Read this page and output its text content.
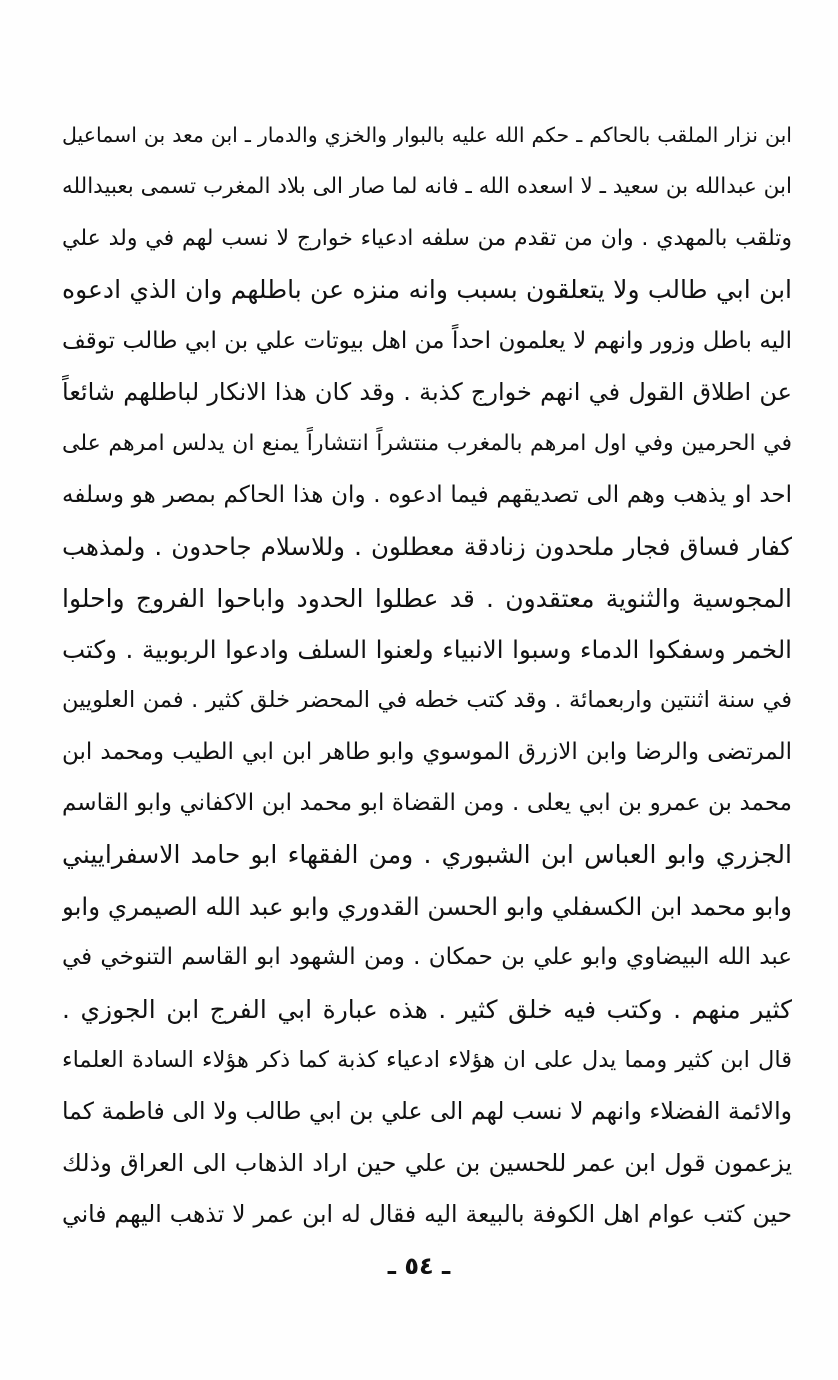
ابن نزار الملقب بالحاكم ـ حكم الله عليه بالبوار والخزي والدمار ـ ابن معد بن اسماعيل
ابن عبدالله بن سعيد ـ لا اسعده الله ـ فانه لما صار الى بلاد المغرب تسمى بعبيدالله
وتلقب بالمهدي . وان من تقدم من سلفه ادعياء خوارج لا نسب لهم في ولد علي
ابن ابي طالب ولا يتعلقون بسبب وانه منزه عن باطلهم وان الذي ادعوه
اليه باطل وزور وانهم لا يعلمون احداً من اهل بيوتات علي بن ابي طالب توقف
عن اطلاق القول في انهم خوارج كذبة . وقد كان هذا الانكار لباطلهم شائعاً
في الحرمين وفي اول امرهم بالمغرب منتشراً انتشاراً يمنع ان يدلس امرهم على
احد او يذهب وهم الى تصديقهم فيما ادعوه . وان هذا الحاكم بمصر هو وسلفه
كفار فساق فجار ملحدون زنادقة معطلون . وللاسلام جاحدون . ولمذهب
المجوسية والثنوية معتقدون . قد عطلوا الحدود واباحوا الفروج واحلوا
الخمر وسفكوا الدماء وسبوا الانبياء ولعنوا السلف وادعوا الربوبية . وكتب
في سنة اثنتين واربعمائة . وقد كتب خطه في المحضر خلق كثير . فمن العلويين
المرتضى والرضا وابن الازرق الموسوي وابو طاهر ابن ابي الطيب ومحمد ابن
محمد بن عمرو بن ابي يعلى . ومن القضاة ابو محمد ابن الاكفاني وابو القاسم
الجزري وابو العباس ابن الشبوري . ومن الفقهاء ابو حامد الاسفراييني
وابو محمد ابن الكسفلي وابو الحسن القدوري وابو عبد الله الصيمري وابو
عبد الله البيضاوي وابو علي بن حمكان . ومن الشهود ابو القاسم التنوخي في
كثير منهم . وكتب فيه خلق كثير . هذه عبارة ابي الفرج ابن الجوزي .
قال ابن كثير ومما يدل على ان هؤلاء ادعياء كذبة كما ذكر هؤلاء السادة العلماء
والائمة الفضلاء وانهم لا نسب لهم الى علي بن ابي طالب ولا الى فاطمة كما
يزعمون قول ابن عمر للحسين بن علي حين اراد الذهاب الى العراق وذلك
حين كتب عوام اهل الكوفة بالبيعة اليه فقال له ابن عمر لا تذهب اليهم فاني
ـ ٥٤ ـ
